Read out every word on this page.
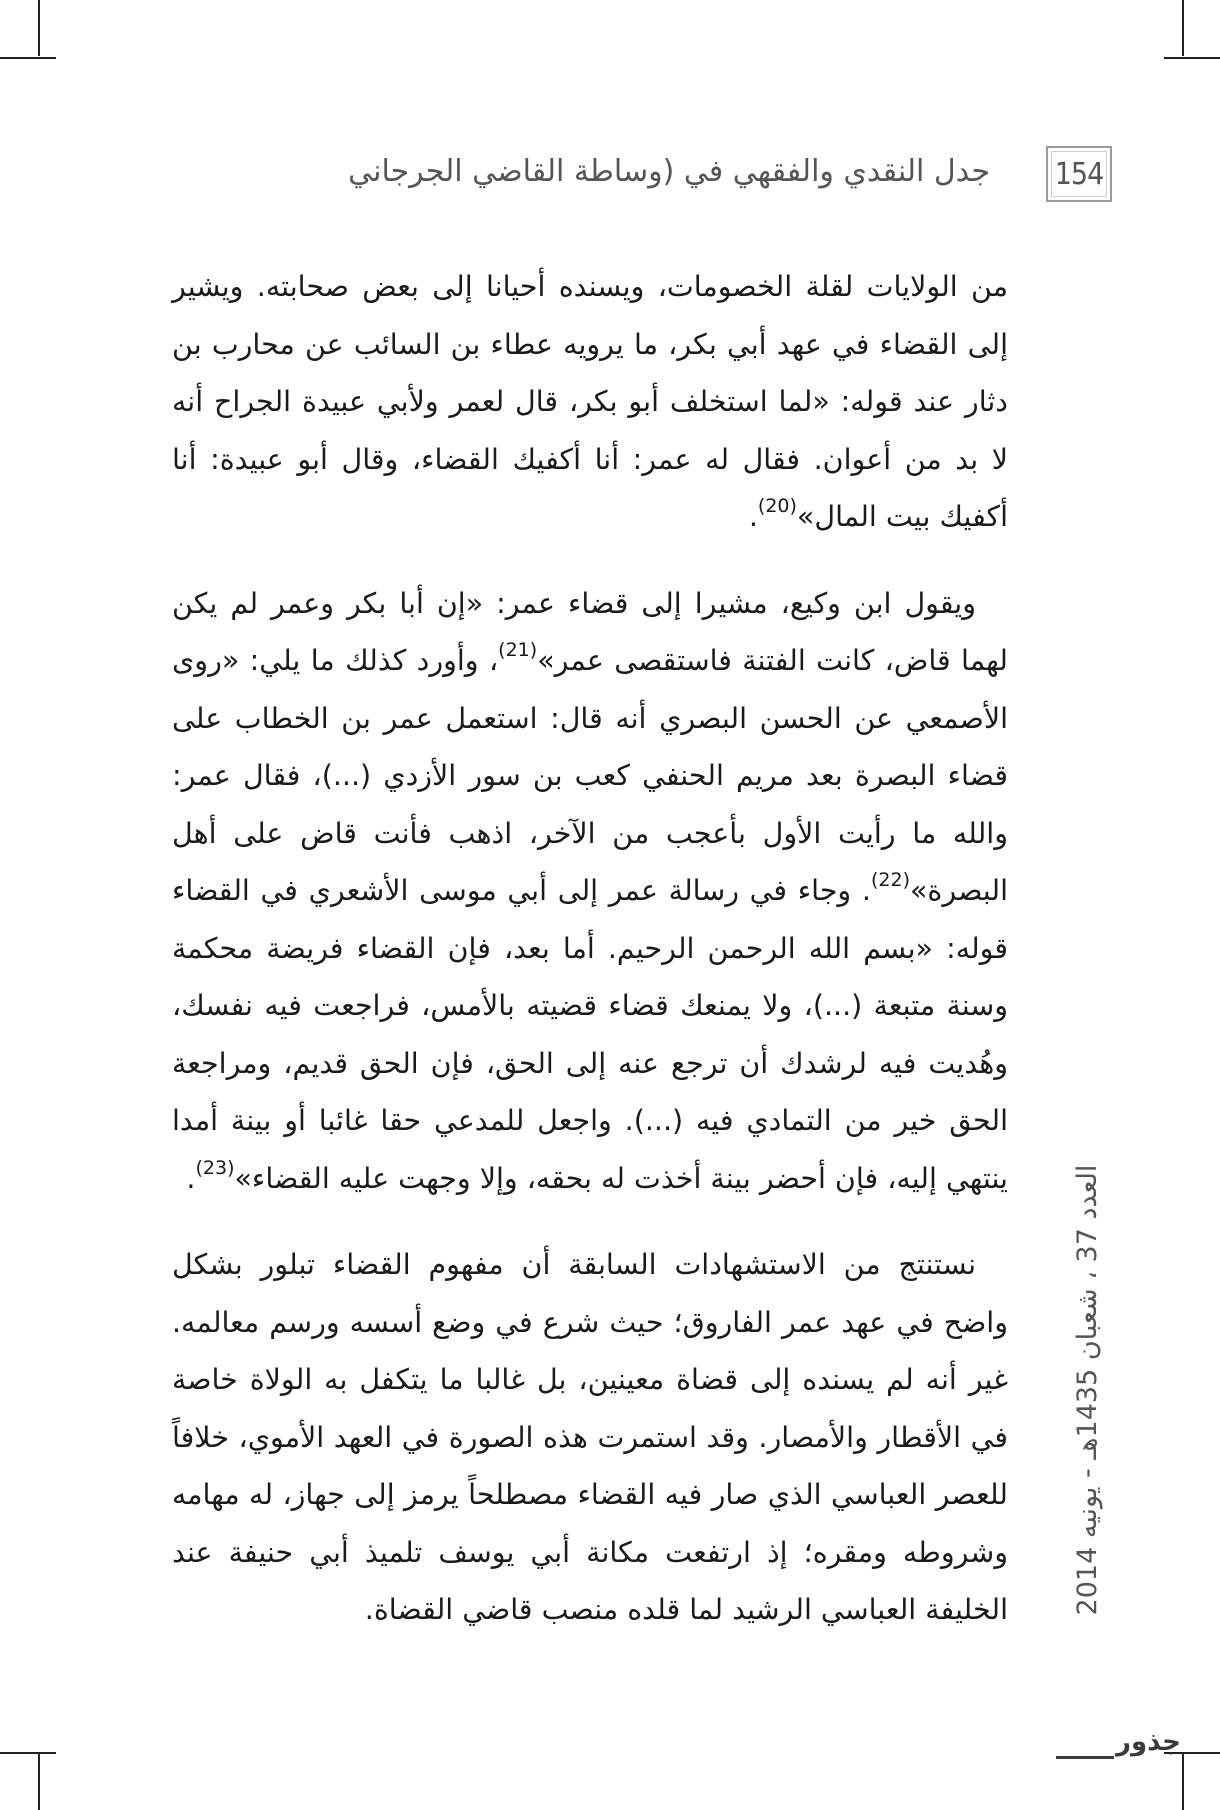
154
جدل النقدي والفقهي في (وساطة القاضي الجرجاني

من الولايات لقلة الخصومات، ويسنده أحيانا إلى بعض صحابته. ويشير إلى القضاء في عهد أبي بكر، ما يرويه عطاء بن السائب عن محارب بن دثار عند قوله: «لما استخلف أبو بكر، قال لعمر ولأبي عبيدة الجراح أنه لا بد من أعوان. فقال له عمر: أنا أكفيك القضاء، وقال أبو عبيدة: أنا أكفيك بيت المال»$^{(20)}$.

ويقول ابن وكيع، مشيرا إلى قضاء عمر: «إن أبا بكر وعمر لم يكن لهما قاض، كانت الفتنة فاستقصى عمر»$^{(21)}$، وأورد كذلك ما يلي: «روى الأصمعي عن الحسن البصري أنه قال: استعمل عمر بن الخطاب على قضاء البصرة بعد مريم الحنفي كعب بن سور الأزدي (...)، فقال عمر: والله ما رأيت الأول بأعجب من الآخر، اذهب فأنت قاض على أهل البصرة»$^{(22)}$. وجاء في رسالة عمر إلى أبي موسى الأشعري في القضاء قوله: «بسم الله الرحمن الرحيم. أما بعد، فإن القضاء فريضة محكمة وسنة متبعة (...)، ولا يمنعك قضاء قضيته بالأمس، فراجعت فيه نفسك، وهُديت فيه لرشدك أن ترجع عنه إلى الحق، فإن الحق قديم، ومراجعة الحق خير من التمادي فيه (...). واجعل للمدعي حقا غائبا أو بينة أمدا ينتهي إليه، فإن أحضر بينة أخذت له بحقه، وإلا وجهت عليه القضاء»$^{(23)}$.

نستنتج من الاستشهادات السابقة أن مفهوم القضاء تبلور بشكل واضح في عهد عمر الفاروق؛ حيث شرع في وضع أسسه ورسم معالمه. غير أنه لم يسنده إلى قضاة معينين، بل غالبا ما يتكفل به الولاة خاصة في الأقطار والأمصار. وقد استمرت هذه الصورة في العهد الأموي، خلافاً للعصر العباسي الذي صار فيه القضاء مصطلحاً يرمز إلى جهاز، له مهامه وشروطه ومقره؛ إذ ارتفعت مكانة أبي يوسف تلميذ أبي حنيفة عند الخليفة العباسي الرشيد لما قلده منصب قاضي القضاة.	العدد 37 ، شعبان 1435هـ - يونيه 2014
جذور
